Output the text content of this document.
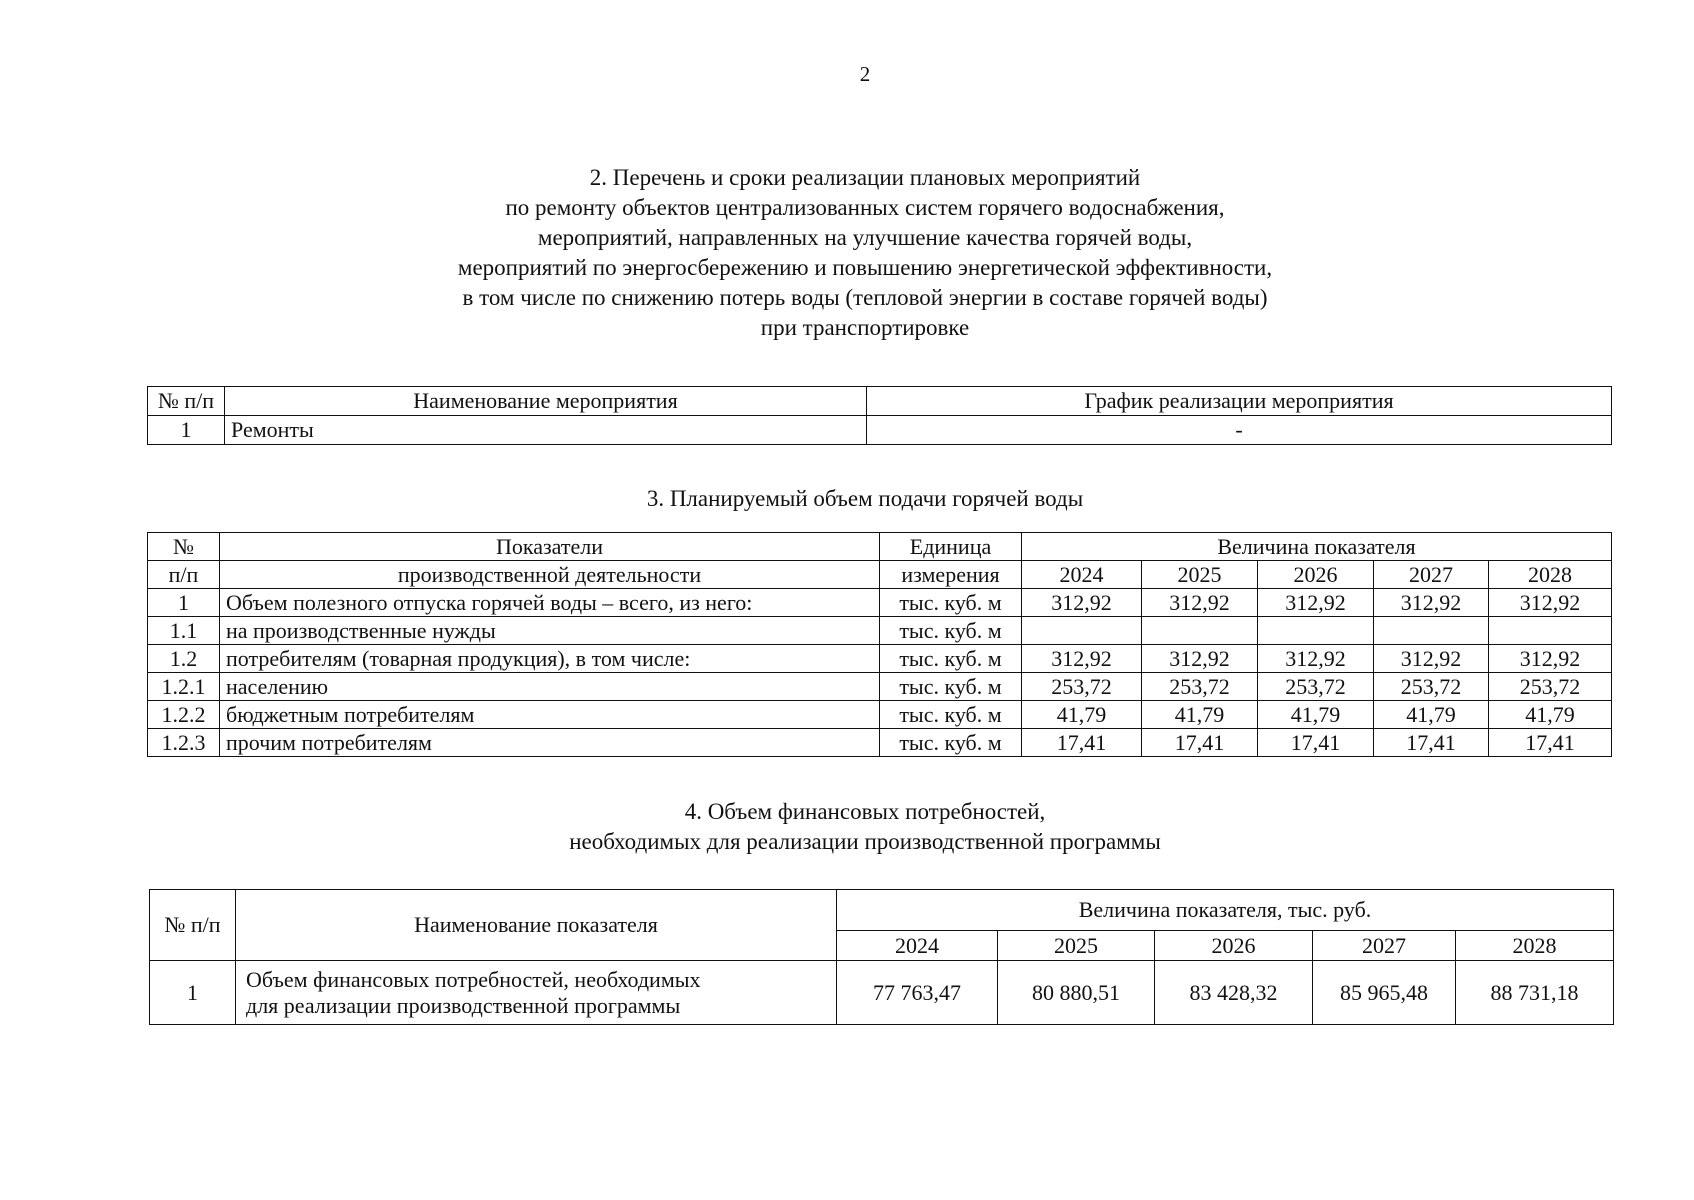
2
2. Перечень и сроки реализации плановых мероприятий
по ремонту объектов централизованных систем горячего водоснабжения,
мероприятий, направленных на улучшение качества горячей воды,
мероприятий по энергосбережению и повышению энергетической эффективности,
в том числе по снижению потерь воды (тепловой энергии в составе горячей воды)
при транспортировке
№ п/п	Наименование мероприятия	График реализации мероприятия
1	Ремонты	-
3. Планируемый объем подачи горячей воды
№	Показатели	Единица	Величина показателя				
п/п	производственной деятельности	измерения	2024	2025	2026	2027	2028
1	Объем полезного отпуска горячей воды – всего, из него:	тыс. куб. м	312,92	312,92	312,92	312,92	312,92
1.1	на производственные нужды	тыс. куб. м					
1.2	потребителям (товарная продукция), в том числе:	тыс. куб. м	312,92	312,92	312,92	312,92	312,92
1.2.1	населению	тыс. куб. м	253,72	253,72	253,72	253,72	253,72
1.2.2	бюджетным потребителям	тыс. куб. м	41,79	41,79	41,79	41,79	41,79
1.2.3	прочим потребителям	тыс. куб. м	17,41	17,41	17,41	17,41	17,41
4. Объем финансовых потребностей,
необходимых для реализации производственной программы
№ п/п	Наименование показателя	Величина показателя, тыс. руб.				
		2024	2025	2026	2027	2028
1	Объем финансовых потребностей, необходимых
для реализации производственной программы	77 763,47	80 880,51	83 428,32	85 965,48	88 731,18
